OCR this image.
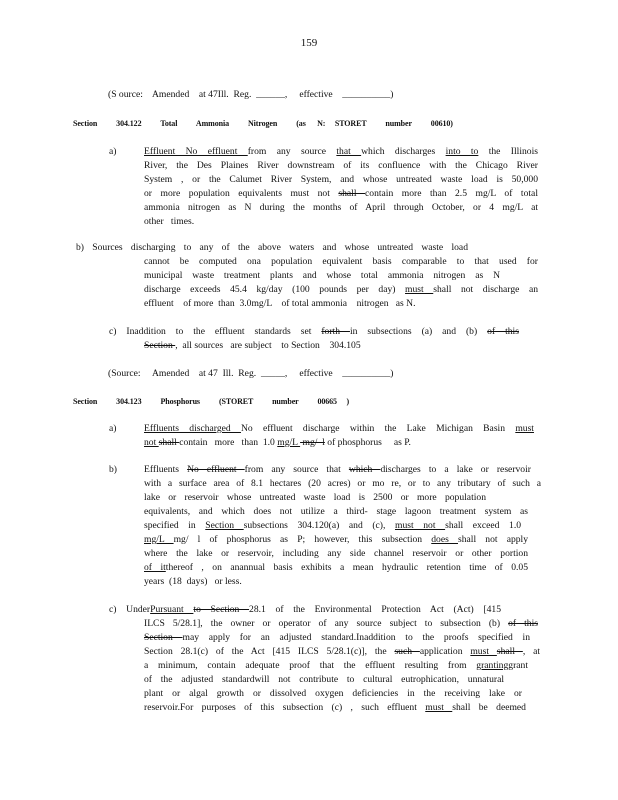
159
(S ource:    Amended    at 47Ill.  Reg.  ______,     effective    __________)
Section          304.122          Total          Ammonia          Nitrogen          (as      N:     STORET          number          00610)
a)	Effluent No effluent from any source that which discharges into to the Illinois
River, the Des Plaines River downstream of its confluence with the Chicago River
System , or the Calumet River System, and whose untreated waste load is 50,000
or more population equivalents must not shall contain more than 2.5 mg/L of total
ammonia nitrogen as N during the months of April through October, or 4 mg/L at
other   times.
b) Sources discharging to any of the above waters and whose untreated waste load
cannot be computed ona population equivalent basis comparable to that used for
municipal waste treatment plants and whose total ammonia nitrogen as N
discharge exceeds 45.4 kg/day (100 pounds per day) must shall not discharge an
effluent    of more  than  3.0mg/L    of total ammonia    nitrogen   as N.
c) Inaddition to the effluent standards set forth in subsections (a) and (b) of this
Section ,  all sources   are subject    to Section    304.105
(Source:     Amended    at 47  Ill.  Reg.  _____,     effective    __________)
Section          304.123          Phosphorus          (STORET          number          00665     )
a)	Effluents discharged No effluent discharge within the Lake Michigan Basin must
not shall contain   more   than  1.0 mg/L  mg/  l of phosphorus     as P.
b)	Effluents No effluent from any source that which discharges to a lake or reservoir
with a surface area of 8.1 hectares (20 acres) or mo re, or to any tributary of such a
lake or reservoir whose untreated waste load is 2500 or more population
equivalents, and which does not utilize a third- stage lagoon treatment system as
specified in Section subsections 304.120(a) and (c), must not shall exceed 1.0
mg/L mg/ l of phosphorus as P; however, this subsection does shall not apply
where the lake or reservoir, including any side channel reservoir or other portion
of itthereof , on anannual basis exhibits a mean hydraulic retention time of 0.05
years  (18  days)   or less.
c) UnderPursuant to Section 28.1 of the Environmental Protection Act (Act) [415
ILCS 5/28.1], the owner or operator of any source subject to subsection (b) of this
Section may apply for an adjusted standard.Inaddition to the proofs specified in
Section 28.1(c) of the Act [415 ILCS 5/28.1(c)], the such application must shall , at
a minimum, contain adequate proof that the effluent resulting from grantinggrant
of the adjusted standardwill not contribute to cultural eutrophication, unnatural
plant or algal growth or dissolved oxygen deficiencies in the receiving lake or
reservoir.For purposes of this subsection (c) , such effluent must shall be deemed
